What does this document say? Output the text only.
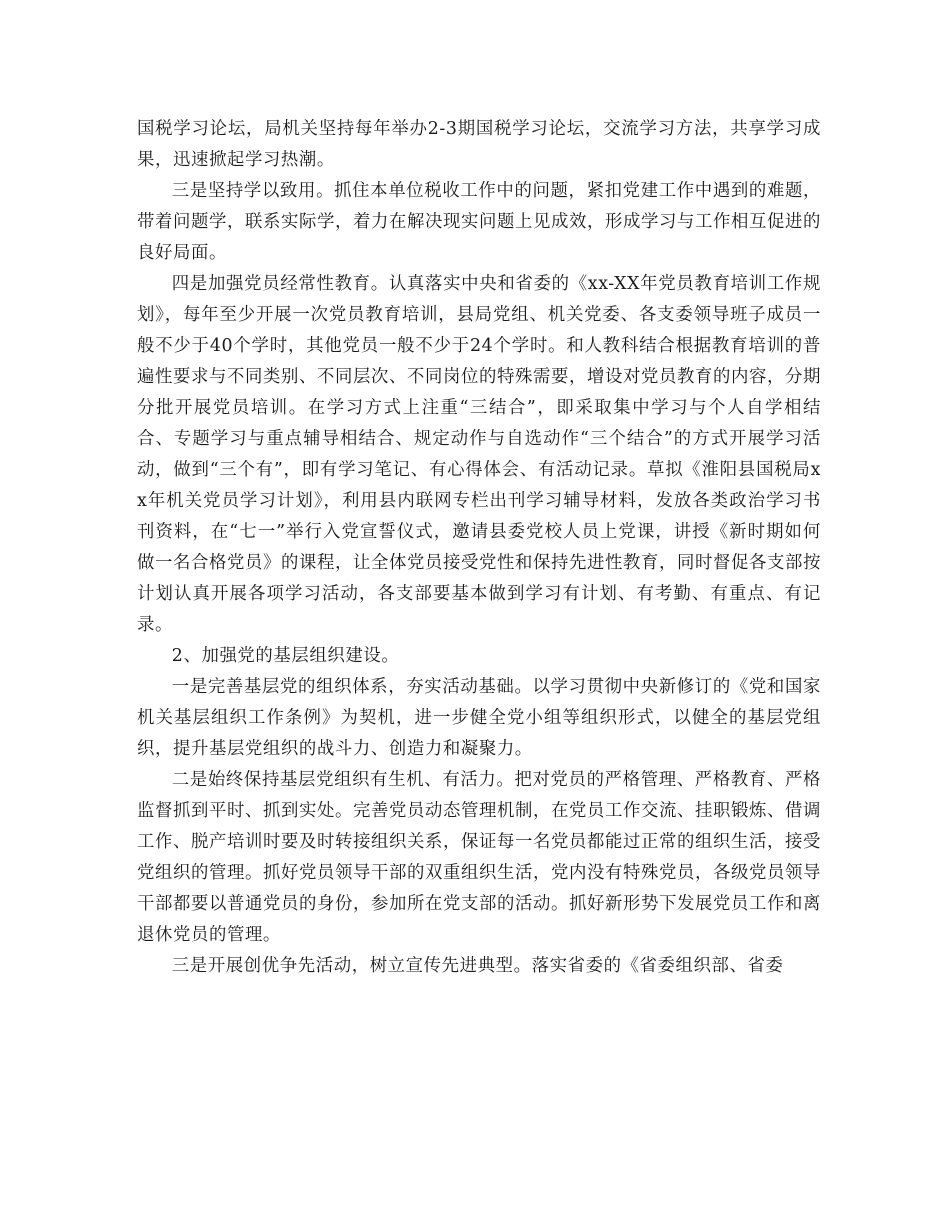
国税学习论坛，局机关坚持每年举办2-3期国税学习论坛，交流学习方法，共享学习成果，迅速掀起学习热潮。

三是坚持学以致用。抓住本单位税收工作中的问题，紧扣党建工作中遇到的难题，带着问题学，联系实际学，着力在解决现实问题上见成效，形成学习与工作相互促进的良好局面。

四是加强党员经常性教育。认真落实中央和省委的《xx-XX年党员教育培训工作规划》，每年至少开展一次党员教育培训，县局党组、机关党委、各支委领导班子成员一般不少于40个学时，其他党员一般不少于24个学时。和人教科结合根据教育培训的普遍性要求与不同类别、不同层次、不同岗位的特殊需要，增设对党员教育的内容，分期分批开展党员培训。在学习方式上注重“三结合”，即采取集中学习与个人自学相结合、专题学习与重点辅导相结合、规定动作与自选动作“三个结合”的方式开展学习活动，做到“三个有”，即有学习笔记、有心得体会、有活动记录。草拟《淮阳县国税局xx年机关党员学习计划》，利用县内联网专栏出刊学习辅导材料，发放各类政治学习书刊资料，在“七一”举行入党宣誓仪式，邀请县委党校人员上党课，讲授《新时期如何做一名合格党员》的课程，让全体党员接受党性和保持先进性教育，同时督促各支部按计划认真开展各项学习活动，各支部要基本做到学习有计划、有考勤、有重点、有记录。

2、加强党的基层组织建设。

一是完善基层党的组织体系，夯实活动基础。以学习贯彻中央新修订的《党和国家机关基层组织工作条例》为契机，进一步健全党小组等组织形式，以健全的基层党组织，提升基层党组织的战斗力、创造力和凝聚力。

二是始终保持基层党组织有生机、有活力。把对党员的严格管理、严格教育、严格监督抓到平时、抓到实处。完善党员动态管理机制，在党员工作交流、挂职锻炼、借调工作、脱产培训时要及时转接组织关系，保证每一名党员都能过正常的组织生活，接受党组织的管理。抓好党员领导干部的双重组织生活，党内没有特殊党员，各级党员领导干部都要以普通党员的身份，参加所在党支部的活动。抓好新形势下发展党员工作和离退休党员的管理。

三是开展创优争先活动，树立宣传先进典型。落实省委的《省委组织部、省委
